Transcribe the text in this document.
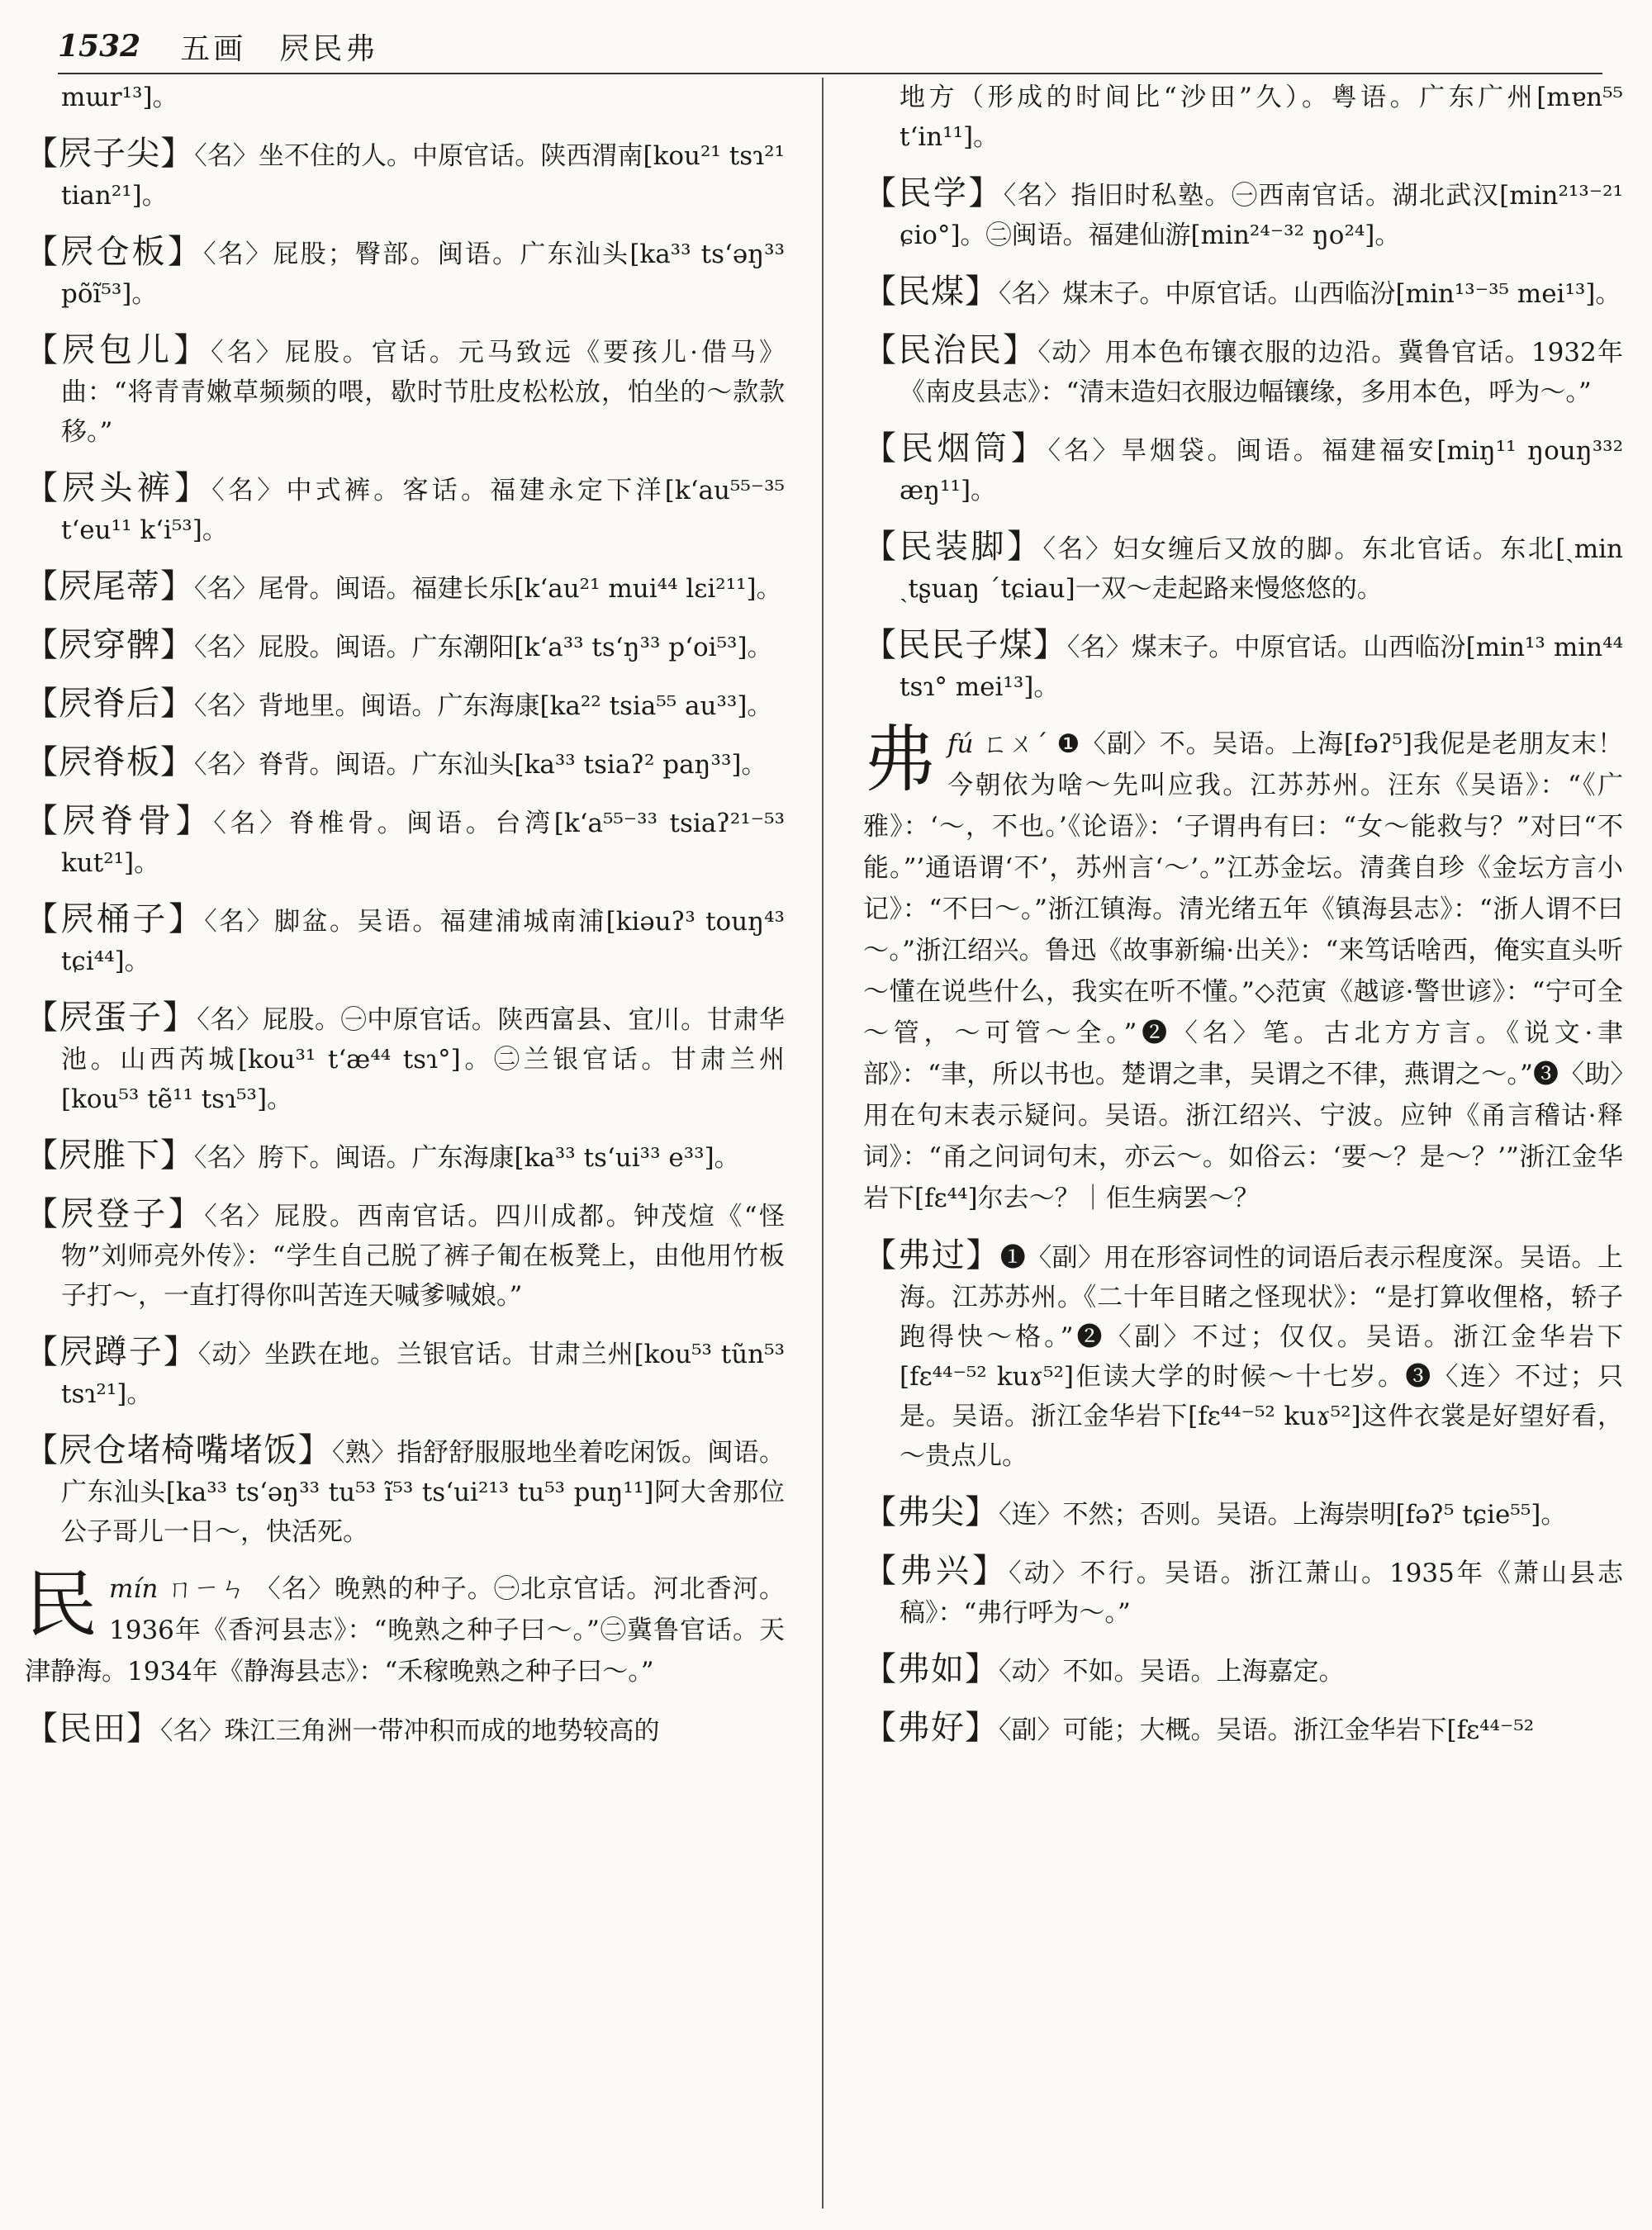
1532 五画　屄民弗

mɯr¹³]。

【屄子尖】〈名〉坐不住的人。中原官话。陕西渭南[kou²¹ tsɿ²¹ tian²¹]。

【屄仓板】〈名〉屁股；臀部。闽语。广东汕头[ka³³ ts‘əŋ³³ põĩ⁵³]。

【屄包儿】〈名〉屁股。官话。元马致远《要孩儿·借马》曲：“将青青嫩草频频的喂，歇时节肚皮松松放，怕坐的～款款移。”

【屄头裤】〈名〉中式裤。客话。福建永定下洋[k‘au⁵⁵⁻³⁵ t‘eu¹¹ k‘i⁵³]。

【屄尾蒂】〈名〉尾骨。闽语。福建长乐[k‘au²¹ mui⁴⁴ lɛi²¹¹]。

【屄穿髀】〈名〉屁股。闽语。广东潮阳[k‘a³³ ts‘ŋ³³ p‘oi⁵³]。

【屄脊后】〈名〉背地里。闽语。广东海康[ka²² tsia⁵⁵ au³³]。

【屄脊板】〈名〉脊背。闽语。广东汕头[ka³³ tsiaʔ² paŋ³³]。

【屄脊骨】〈名〉脊椎骨。闽语。台湾[k‘a⁵⁵⁻³³ tsiaʔ²¹⁻⁵³ kut²¹]。

【屄桶子】〈名〉脚盆。吴语。福建浦城南浦[kiəuʔ³ touŋ⁴³ tɕi⁴⁴]。

【屄蛋子】〈名〉屁股。㊀中原官话。陕西富县、宜川。甘肃华池。山西芮城[kou³¹ t‘æ⁴⁴ tsɿ°]。㊁兰银官话。甘肃兰州[kou⁵³ tẽ¹¹ tsɿ⁵³]。

【屄脽下】〈名〉胯下。闽语。广东海康[ka³³ ts‘ui³³ e³³]。

【屄登子】〈名〉屁股。西南官话。四川成都。钟茂煊《“怪物”刘师亮外传》：“学生自己脱了裤子匍在板凳上，由他用竹板子打～，一直打得你叫苦连天喊爹喊娘。”

【屄蹲子】〈动〉坐跌在地。兰银官话。甘肃兰州[kou⁵³ tũn⁵³ tsɿ²¹]。

【屄仓堵椅嘴堵饭】〈熟〉指舒舒服服地坐着吃闲饭。闽语。广东汕头[ka³³ ts‘əŋ³³ tu⁵³ ĩ⁵³ ts‘ui²¹³ tu⁵³ puŋ¹¹]阿大舍那位公子哥儿一日～，快活死。

民 mín ㄇㄧㄣ 〈名〉晚熟的种子。㊀北京官话。河北香河。1936年《香河县志》：“晚熟之种子曰～。”㊁冀鲁官话。天津静海。1934年《静海县志》：“禾稼晚熟之种子曰～。”

【民田】〈名〉珠江三角洲一带冲积而成的地势较高的

地方（形成的时间比“沙田”久）。粤语。广东广州[mɐn⁵⁵ t‘in¹¹]。

【民学】〈名〉指旧时私塾。㊀西南官话。湖北武汉[min²¹³⁻²¹ ɕio°]。㊁闽语。福建仙游[min²⁴⁻³² ŋo²⁴]。

【民煤】〈名〉煤末子。中原官话。山西临汾[min¹³⁻³⁵ mei¹³]。

【民治民】〈动〉用本色布镶衣服的边沿。冀鲁官话。1932年《南皮县志》：“清末造妇衣服边幅镶缘，多用本色，呼为～。”

【民烟筒】〈名〉旱烟袋。闽语。福建福安[miŋ¹¹ ŋouŋ³³² æŋ¹¹]。

【民装脚】〈名〉妇女缠后又放的脚。东北官话。东北[ˏmin ˏtʂuaŋ ˊtɕiau]一双～走起路来慢悠悠的。

【民民子煤】〈名〉煤末子。中原官话。山西临汾[min¹³ min⁴⁴ tsɿ° mei¹³]。

弗 fú ㄈㄨˊ ❶〈副〉不。吴语。上海[fəʔ⁵]我伲是老朋友末！今朝依为啥～先叫应我。江苏苏州。汪东《吴语》：“《广雅》：‘～，不也。’《论语》：‘子谓冉有曰：“女～能救与？”对曰“不能。”’通语谓‘不’，苏州言‘～’。”江苏金坛。清龚自珍《金坛方言小记》：“不曰～。”浙江镇海。清光绪五年《镇海县志》：“浙人谓不曰～。”浙江绍兴。鲁迅《故事新编·出关》：“来笃话啥西，俺实直头听～懂在说些什么，我实在听不懂。”◇范寅《越谚·警世谚》：“宁可全～管，～可管～全。”❷〈名〉笔。古北方方言。《说文·聿部》：“聿，所以书也。楚谓之聿，吴谓之不律，燕谓之～。”❸〈助〉用在句末表示疑问。吴语。浙江绍兴、宁波。应钟《甬言稽诂·释词》：“甬之问词句末，亦云～。如俗云：‘要～？是～？’”浙江金华岩下[fɛ⁴⁴]尔去～？｜佢生病罢～？

【弗过】❶〈副〉用在形容词性的词语后表示程度深。吴语。上海。江苏苏州。《二十年目睹之怪现状》：“是打算收俚格，轿子跑得快～格。”❷〈副〉不过；仅仅。吴语。浙江金华岩下[fɛ⁴⁴⁻⁵² kuɤ⁵²]佢读大学的时候～十七岁。❸〈连〉不过；只是。吴语。浙江金华岩下[fɛ⁴⁴⁻⁵² kuɤ⁵²]这件衣裳是好望好看，～贵点儿。

【弗尖】〈连〉不然；否则。吴语。上海崇明[fəʔ⁵ tɕie⁵⁵]。

【弗兴】〈动〉不行。吴语。浙江萧山。1935年《萧山县志稿》：“弗行呼为～。”

【弗如】〈动〉不如。吴语。上海嘉定。

【弗好】〈副〉可能；大概。吴语。浙江金华岩下[fɛ⁴⁴⁻⁵²
